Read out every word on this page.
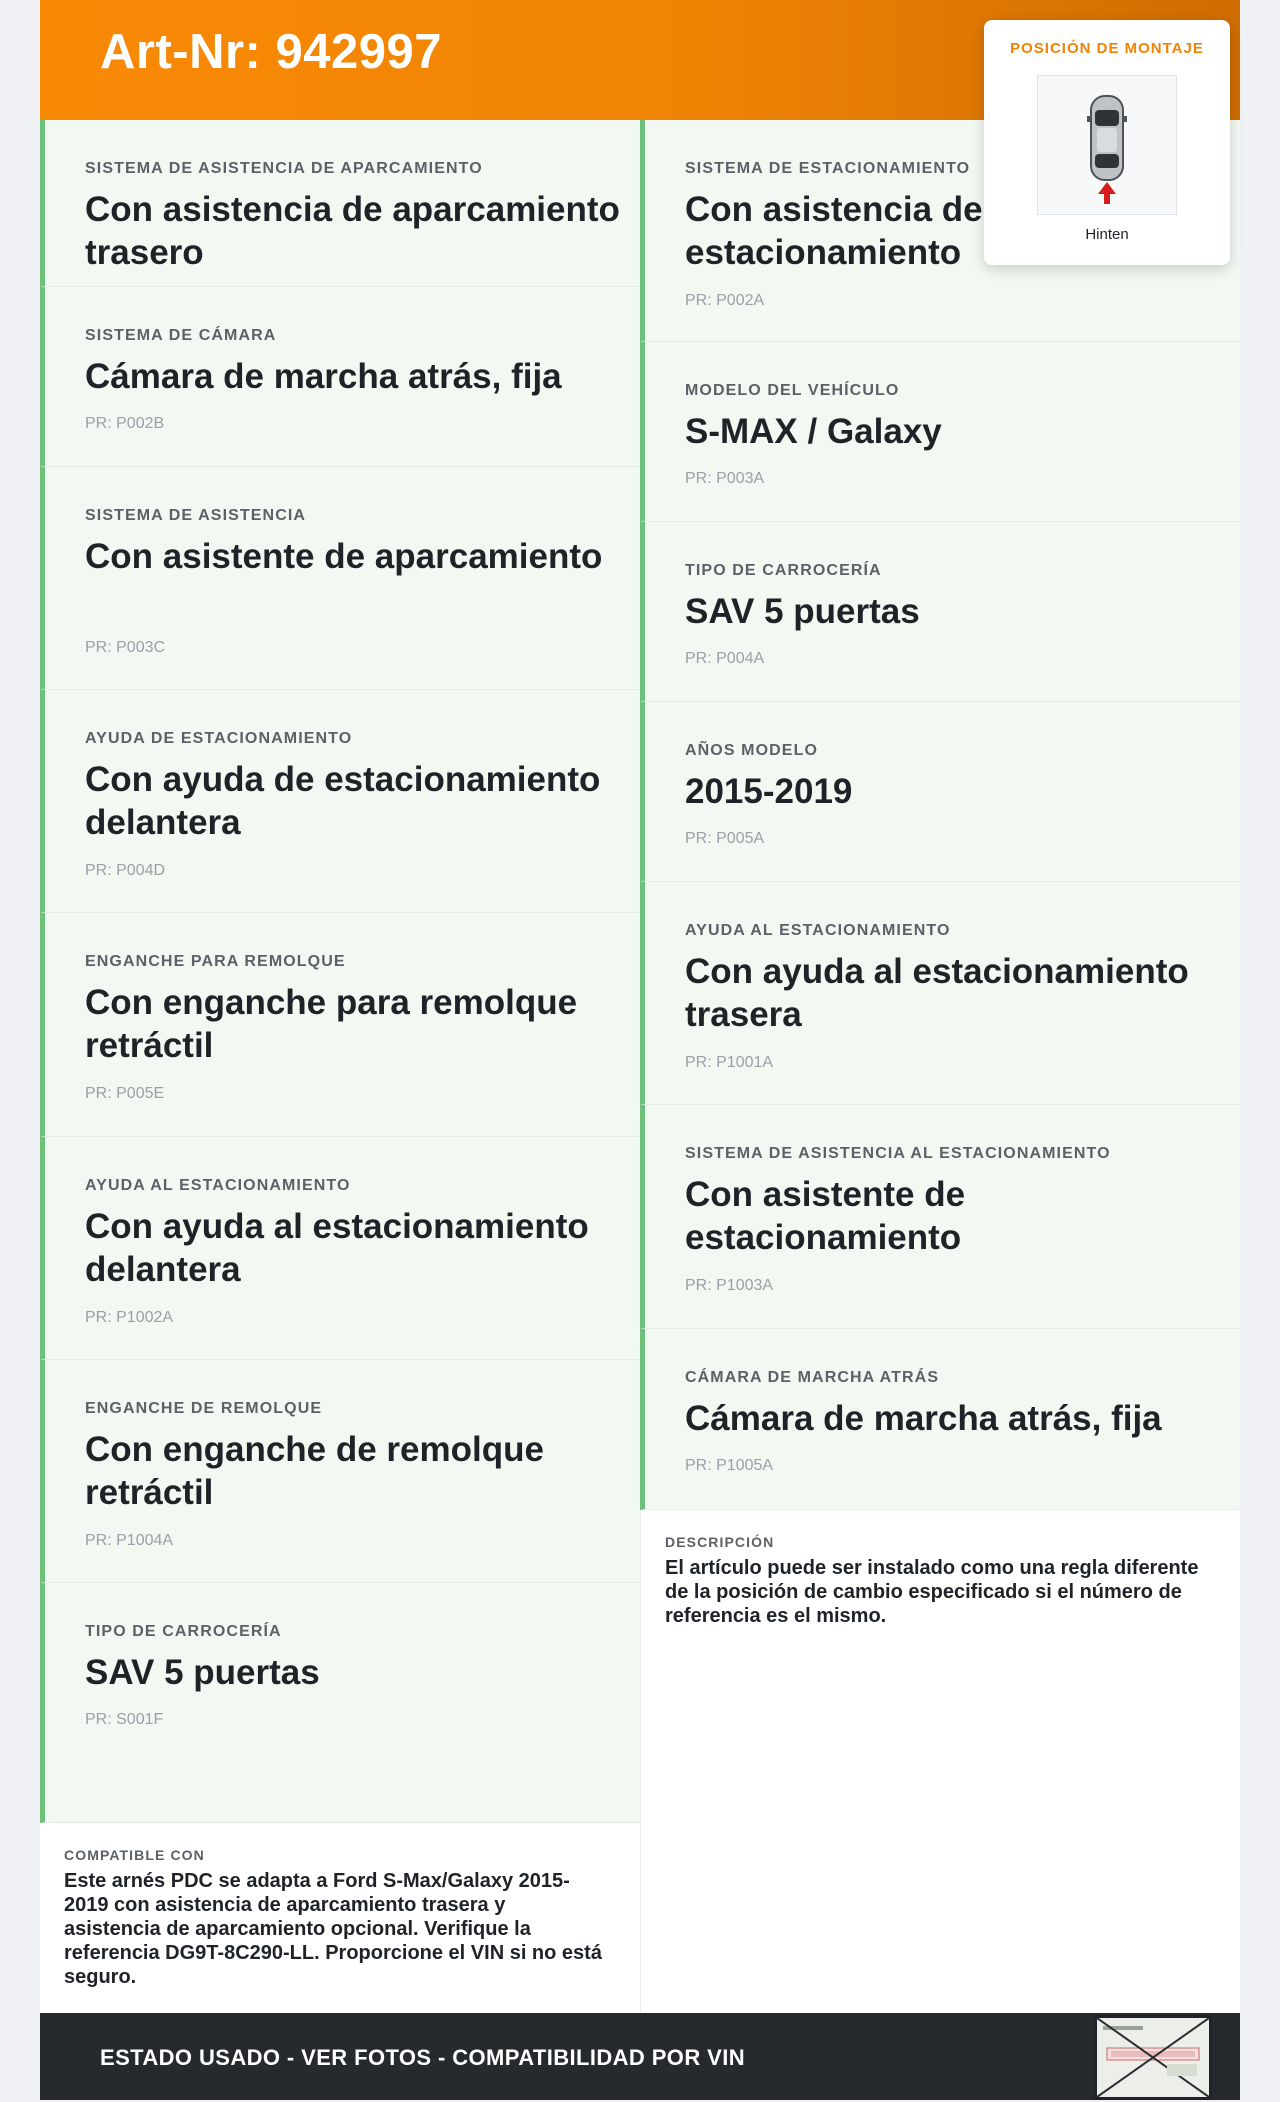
Art-Nr: 942997
SISTEMA DE ASISTENCIA DE APARCAMIENTO
Con asistencia de aparcamiento trasero
SISTEMA DE CÁMARA
Cámara de marcha atrás, fija
PR: P002B
SISTEMA DE ASISTENCIA
Con asistente de aparcamiento
PR: P003C
AYUDA DE ESTACIONAMIENTO
Con ayuda de estacionamiento delantera
PR: P004D
ENGANCHE PARA REMOLQUE
Con enganche para remolque retráctil
PR: P005E
AYUDA AL ESTACIONAMIENTO
Con ayuda al estacionamiento delantera
PR: P1002A
ENGANCHE DE REMOLQUE
Con enganche de remolque retráctil
PR: P1004A
TIPO DE CARROCERÍA
SAV 5 puertas
PR: S001F
SISTEMA DE ESTACIONAMIENTO
Con asistencia de estacionamiento
PR: P002A
MODELO DEL VEHÍCULO
S-MAX / Galaxy
PR: P003A
TIPO DE CARROCERÍA
SAV 5 puertas
PR: P004A
AÑOS MODELO
2015-2019
PR: P005A
AYUDA AL ESTACIONAMIENTO
Con ayuda al estacionamiento trasera
PR: P1001A
SISTEMA DE ASISTENCIA AL ESTACIONAMIENTO
Con asistente de estacionamiento
PR: P1003A
CÁMARA DE MARCHA ATRÁS
Cámara de marcha atrás, fija
PR: P1005A
COMPATIBLE CON
Este arnés PDC se adapta a Ford S-Max/Galaxy 2015-2019 con asistencia de aparcamiento trasera y asistencia de aparcamiento opcional. Verifique la referencia DG9T-8C290-LL. Proporcione el VIN si no está seguro.
DESCRIPCIÓN
El artículo puede ser instalado como una regla diferente de la posición de cambio especificado si el número de referencia es el mismo.
ESTADO USADO - VER FOTOS - COMPATIBILIDAD POR VIN
POSICIÓN DE MONTAJE
Hinten
